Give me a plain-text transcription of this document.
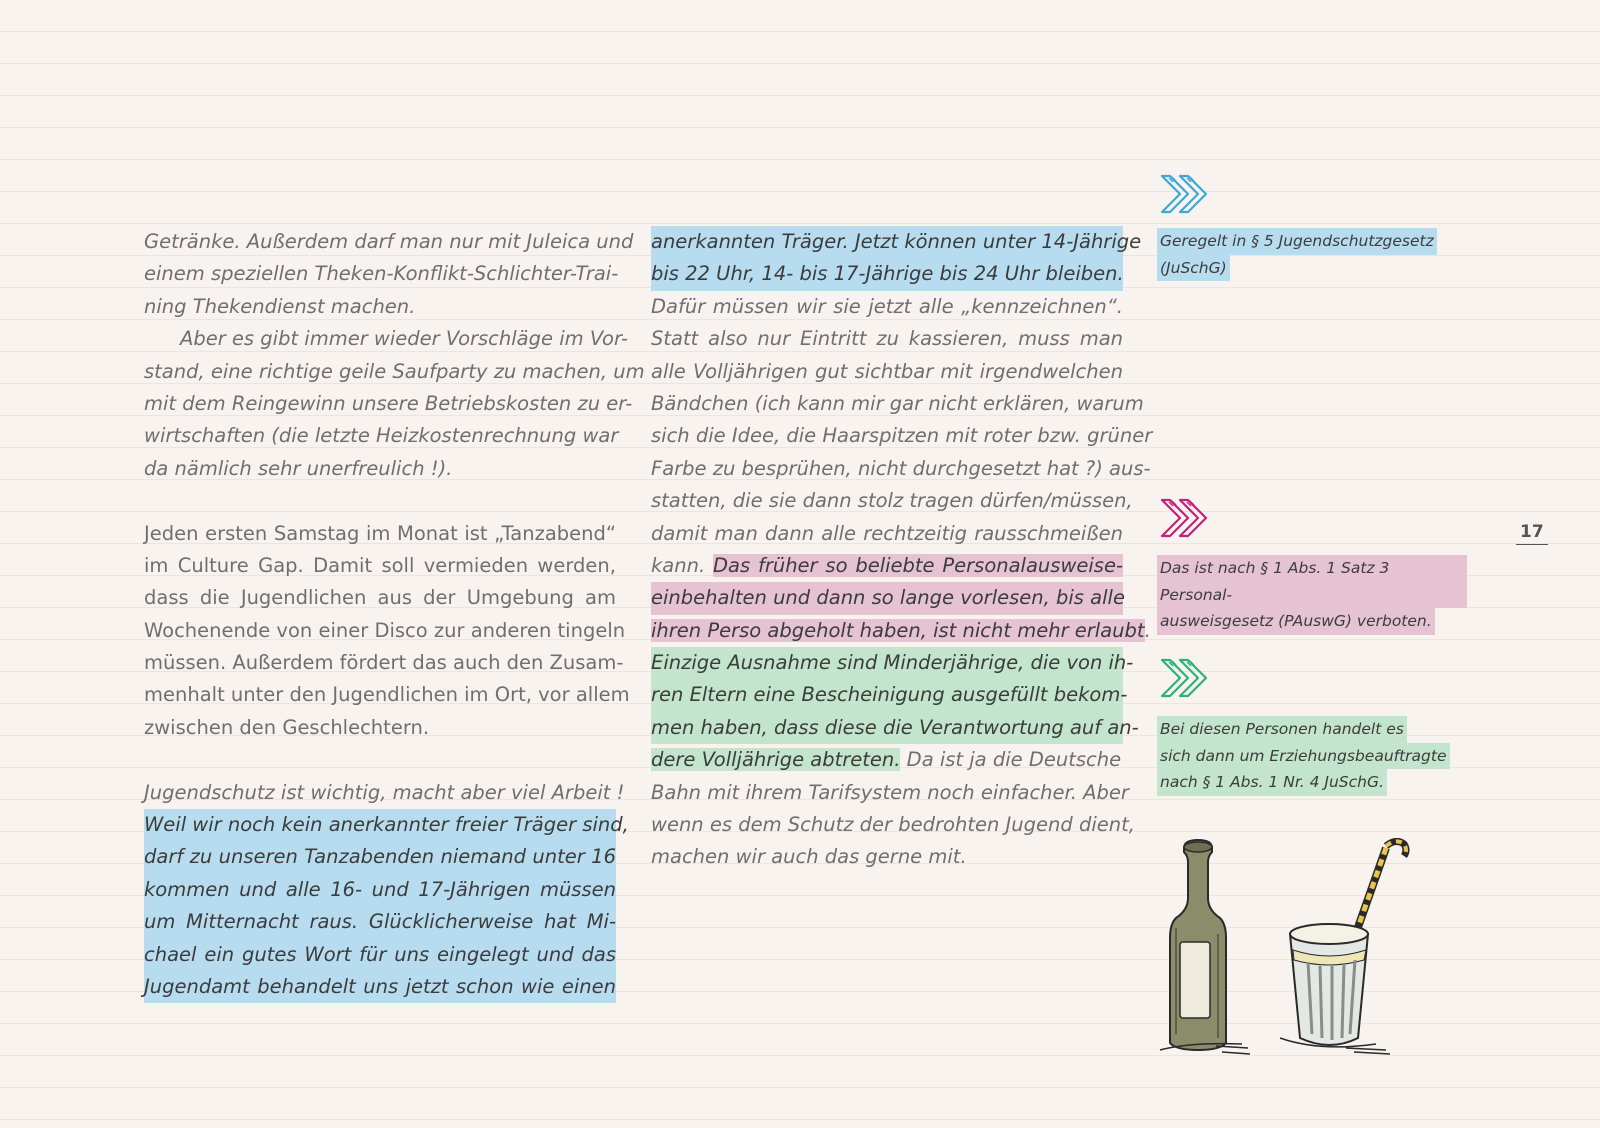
Getränke. Außerdem darf man nur mit Juleica und
einem speziellen Theken-Konflikt-Schlichter-Trai-
ning Thekendienst machen.
Aber es gibt immer wieder Vorschläge im Vor-
stand, eine richtige geile Saufparty zu machen, um
mit dem Reingewinn unsere Betriebskosten zu er-
wirtschaften (die letzte Heizkostenrechnung war
da nämlich sehr unerfreulich !).
Jeden ersten Samstag im Monat ist „Tanzabend“
im Culture Gap. Damit soll vermieden werden,
dass die Jugendlichen aus der Umgebung am
Wochenende von einer Disco zur anderen tingeln
müssen. Außerdem fördert das auch den Zusam-
menhalt unter den Jugendlichen im Ort, vor allem
zwischen den Geschlechtern.
Jugendschutz ist wichtig, macht aber viel Arbeit !
Weil wir noch kein anerkannter freier Träger sind,
darf zu unseren Tanzabenden niemand unter 16
kommen und alle 16- und 17-Jährigen müssen
um Mitternacht raus. Glücklicherweise hat Mi-
chael ein gutes Wort für uns eingelegt und das
Jugendamt behandelt uns jetzt schon wie einen
anerkannten Träger. Jetzt können unter 14-Jährige
bis 22 Uhr, 14- bis 17-Jährige bis 24 Uhr bleiben.
Dafür müssen wir sie jetzt alle „kennzeichnen“.
Statt also nur Eintritt zu kassieren, muss man
alle Volljährigen gut sichtbar mit irgendwelchen
Bändchen (ich kann mir gar nicht erklären, warum
sich die Idee, die Haarspitzen mit roter bzw. grüner
Farbe zu besprühen, nicht durchgesetzt hat ?) aus-
statten, die sie dann stolz tragen dürfen/müssen,
damit man dann alle rechtzeitig rausschmeißen
kann. Das früher so beliebte Personalausweise-
einbehalten und dann so lange vorlesen, bis alle
ihren Perso abgeholt haben, ist nicht mehr erlaubt.
Einzige Ausnahme sind Minderjährige, die von ih-
ren Eltern eine Bescheinigung ausgefüllt bekom-
men haben, dass diese die Verantwortung auf an-
dere Volljährige abtreten. Da ist ja die Deutsche
Bahn mit ihrem Tarifsystem noch einfacher. Aber
wenn es dem Schutz der bedrohten Jugend dient,
machen wir auch das gerne mit.
Geregelt in § 5 Jugendschutzgesetz
(JuSchG)
Das ist nach § 1 Abs. 1 Satz 3 Personal-
ausweisgesetz (PAuswG) verboten.
Bei diesen Personen handelt es
sich dann um Erziehungsbeauftragte
nach § 1 Abs. 1 Nr. 4 JuSchG.
17
